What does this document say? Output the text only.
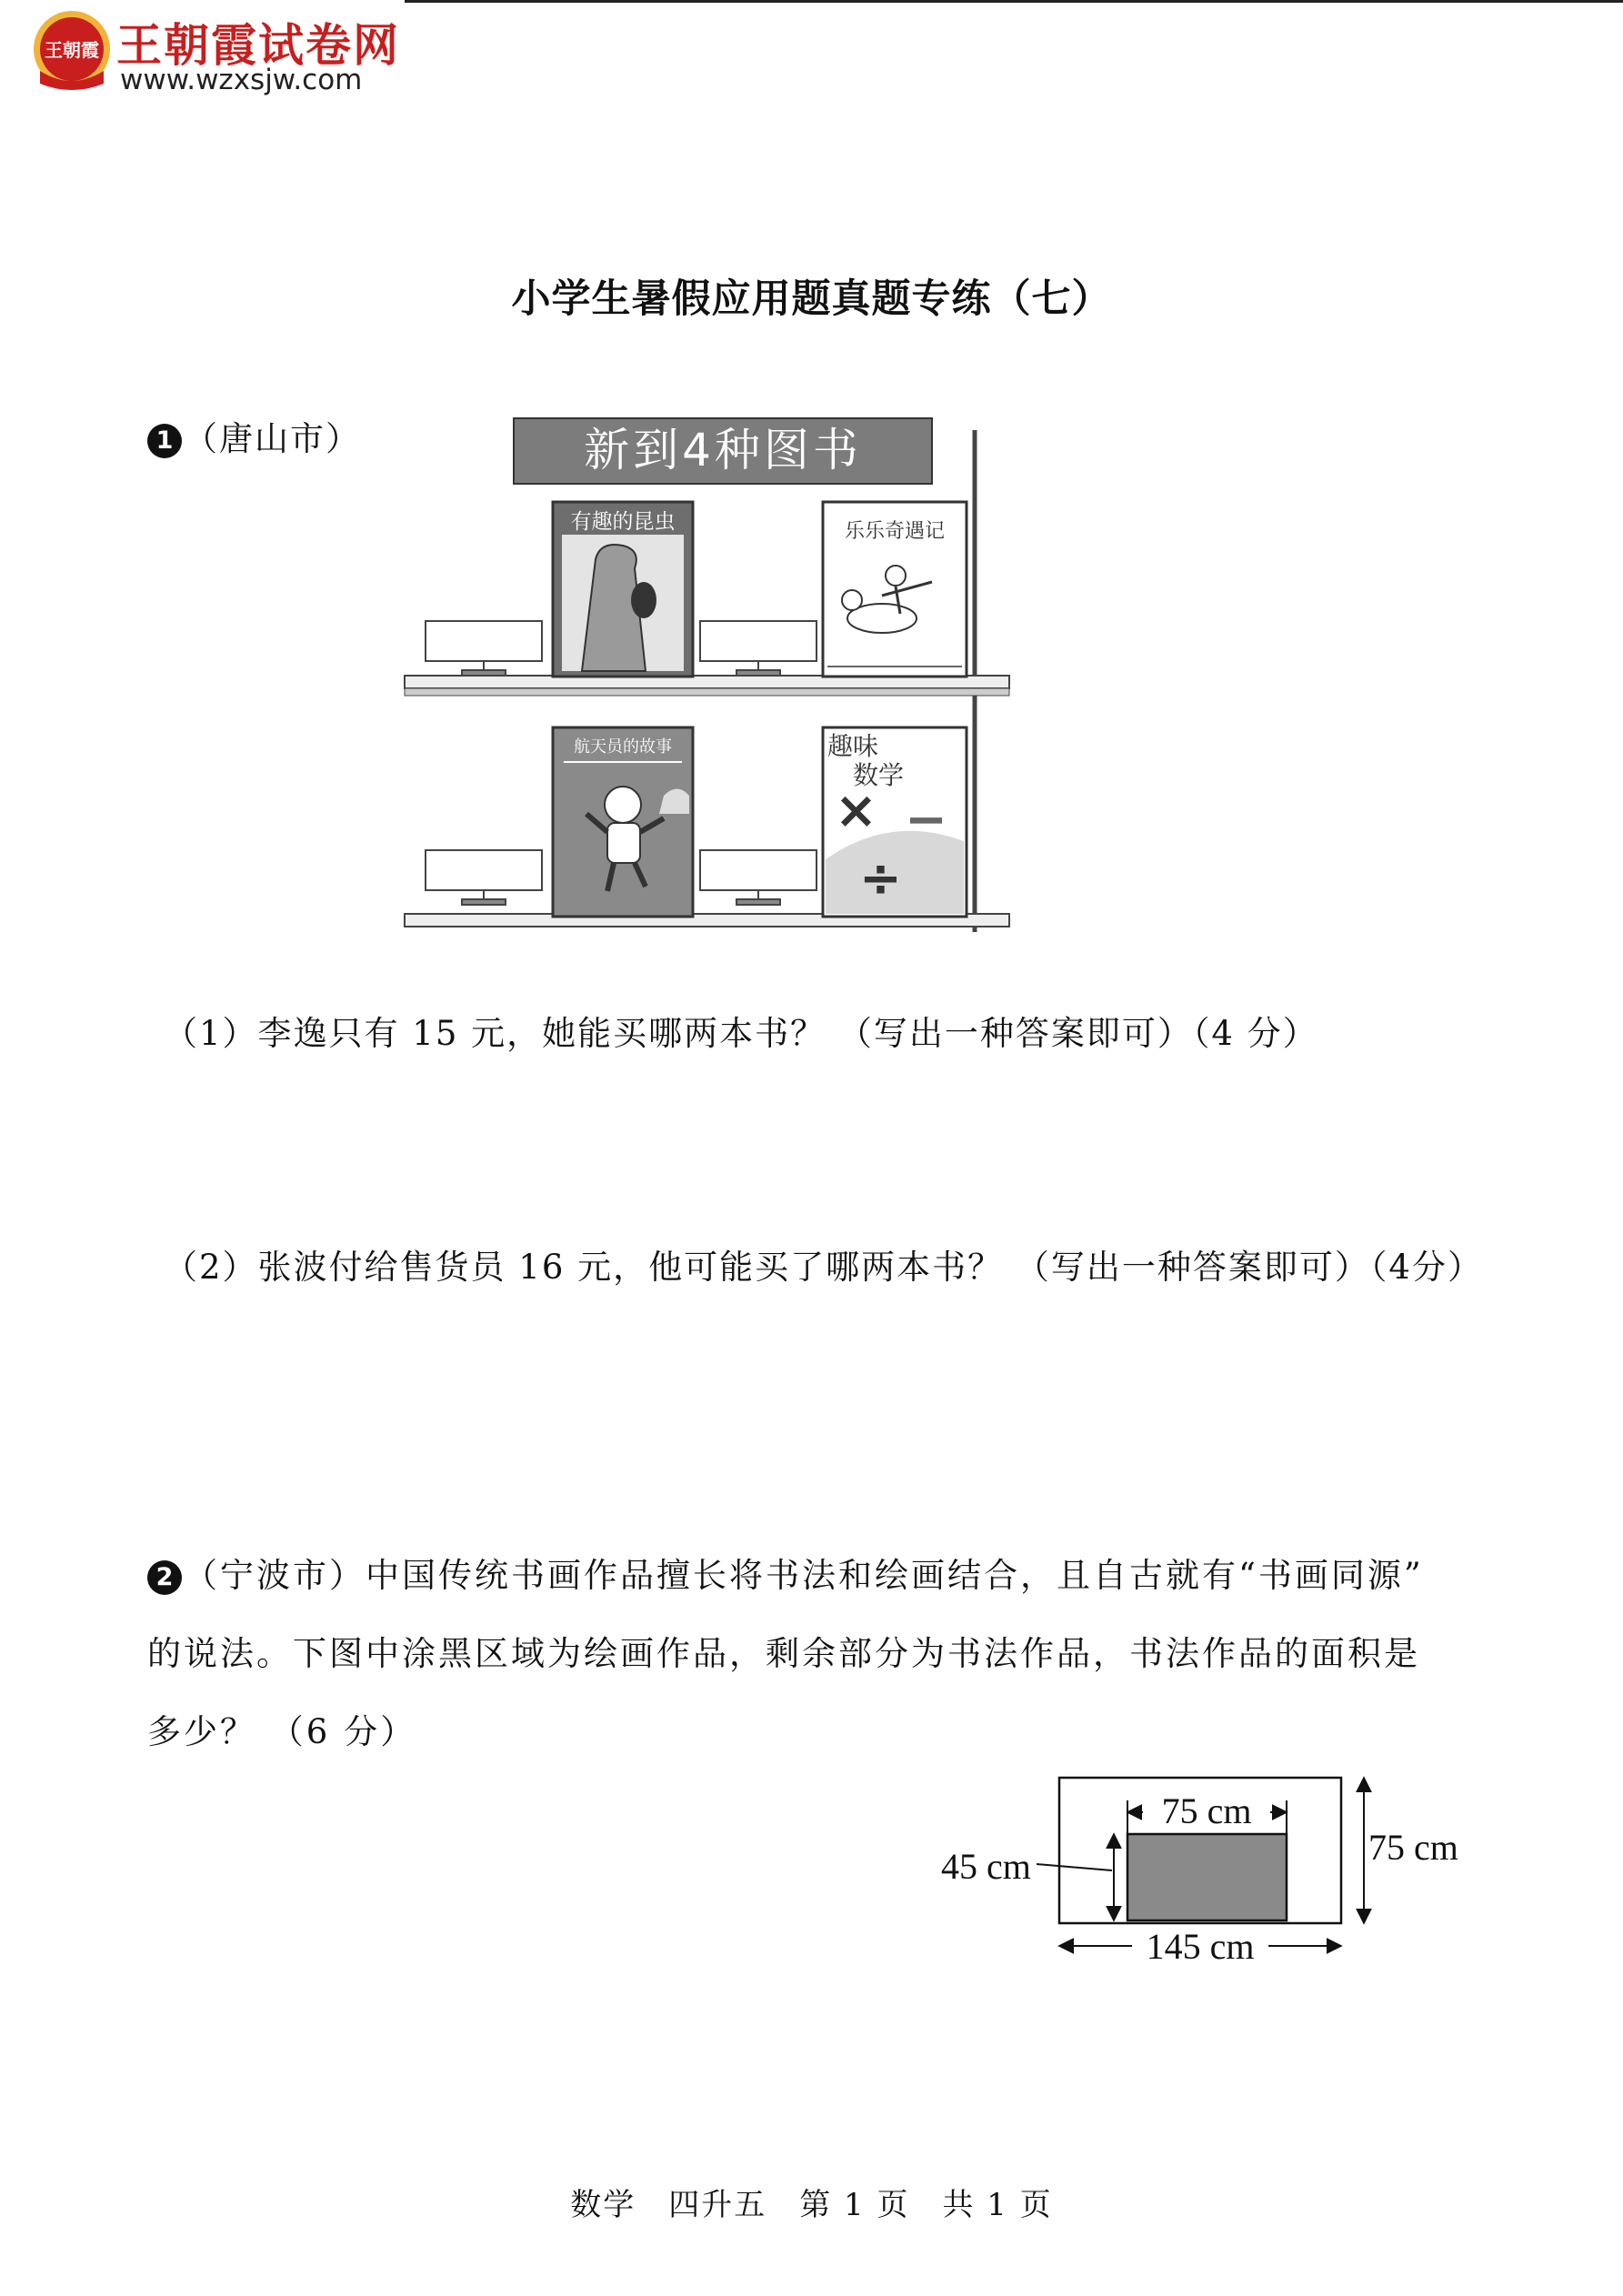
王朝霞 王朝霞试卷网
www.wzxsjw.com
小学生暑假应用题真题专练（七）
1 （唐山市）	新到4种图书
有趣的昆虫	乐乐奇遇记
航天员的故事	趣味
数学
× −
÷
（1）李逸只有 15 元，她能买哪两本书？ （写出一种答案即可）（4 分）
（2）张波付给售货员 16 元，他可能买了哪两本书？ （写出一种答案即可）（4分）
2 （宁波市）中国传统书画作品擅长将书法和绘画结合，且自古就有“书画同源”
的说法。下图中涂黑区域为绘画作品，剩余部分为书法作品，书法作品的面积是
多少？ （6 分）
75 cm
45 cm	75 cm
145 cm
数学　四升五　第 1 页　共 1 页
